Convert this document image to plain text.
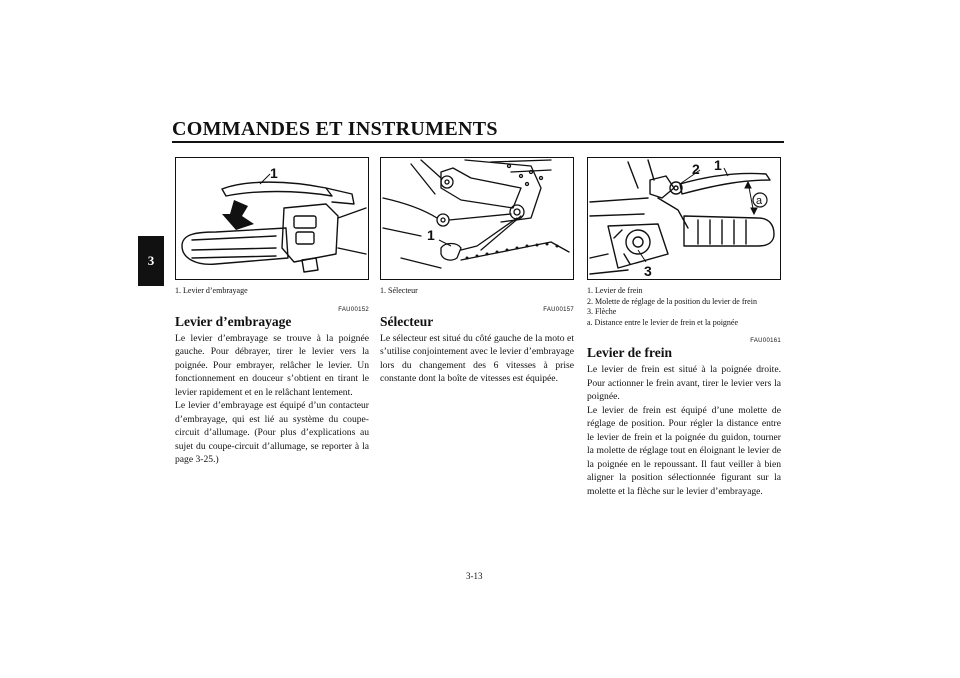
COMMANDES ET INSTRUMENTS
3
1

1. Levier d’embrayage

FAU00152
Levier d’embrayage

Le levier d’embrayage se trouve à la poignée gauche. Pour débrayer, tirer le levier vers la poignée. Pour embrayer, relâcher le levier. Un fonctionnement en douceur s’obtient en tirant le levier rapidement et en le relâchant lentement.

Le levier d’embrayage est équipé d’un contacteur d’embrayage, qui est lié au système du coupe-circuit d’allumage. (Pour plus d’explications au sujet du coupe-circuit d’allumage, se reporter à la page 3-25.)

1

1. Sélecteur

FAU00157
Sélecteur

Le sélecteur est situé du côté gauche de la moto et s’utilise conjointement avec le levier d’embrayage lors du changement des 6 vitesses à prise constante dont la boîte de vitesses est équipée.

a
2 1
3

1. Levier de frein

2. Molette de réglage de la position du levier de frein

3. Flèche

a. Distance entre le levier de frein et la poignée

FAU00161
Levier de frein

Le levier de frein est situé à la poignée droite. Pour actionner le frein avant, tirer le levier vers la poignée.

Le levier de frein est équipé d’une molette de réglage de position. Pour régler la distance entre le levier de frein et la poignée du guidon, tourner la molette de réglage tout en éloignant le levier de la poignée en le repoussant. Il faut veiller à bien aligner la position sélectionnée figurant sur la molette et la flèche sur le levier d’embrayage.

3-13
